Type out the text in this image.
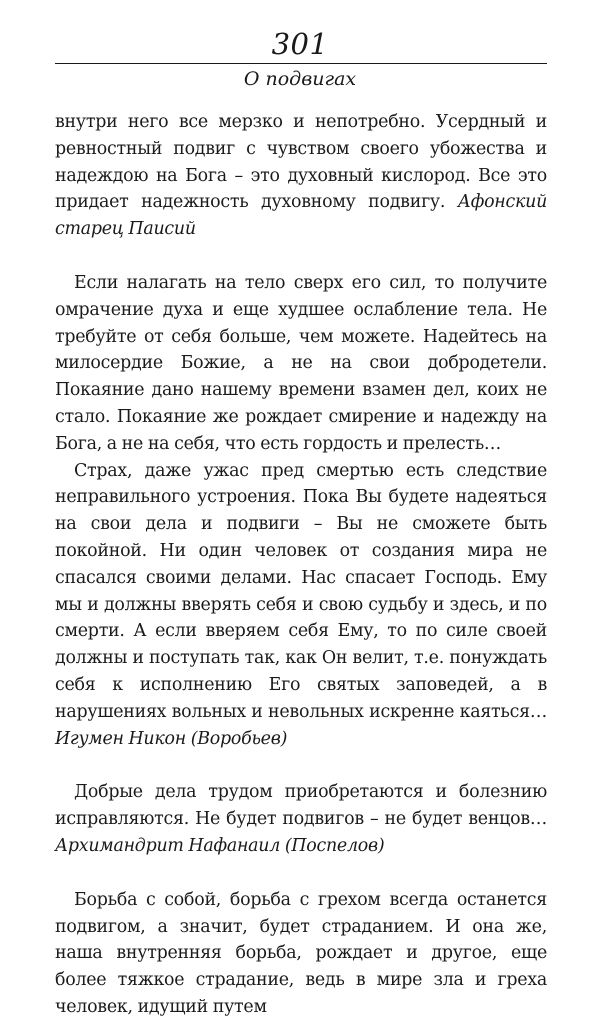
301
О подвигах

внутри него все мерзко и непотребно. Усердный и ревностный подвиг с чувством своего убожества и надеждою на Бога – это духовный кислород. Все это придает надежность духовному подвигу. Афонский старец Паисий

Если налагать на тело сверх его сил, то получите омрачение духа и еще худшее ослабление тела. Не требуйте от себя больше, чем можете. Надейтесь на милосердие Божие, а не на свои добродетели. Покаяние дано нашему времени взамен дел, коих не стало. Покаяние же рождает смирение и надежду на Бога, а не на себя, что есть гордость и прелесть…

Страх, даже ужас пред смертью есть следствие неправильного устроения. Пока Вы будете надеяться на свои дела и подвиги – Вы не сможете быть покойной. Ни один человек от создания мира не спасался своими делами. Нас спасает Господь. Ему мы и должны вверять себя и свою судьбу и здесь, и по смерти. А если вверяем себя Ему, то по силе своей должны и поступать так, как Он велит, т.е. понуждать себя к исполнению Его святых заповедей, а в нарушениях вольных и невольных искренне каяться… Игумен Никон (Воробьев)

Добрые дела трудом приобретаются и болезнию исправляются. Не будет подвигов – не будет венцов… Архимандрит Нафанаил (Поспелов)

Борьба с собой, борьба с грехом всегда останется подвигом, а значит, будет страданием. И она же, наша внутренняя борьба, рождает и другое, еще более тяжкое страдание, ведь в мире зла и греха человек, идущий путем
